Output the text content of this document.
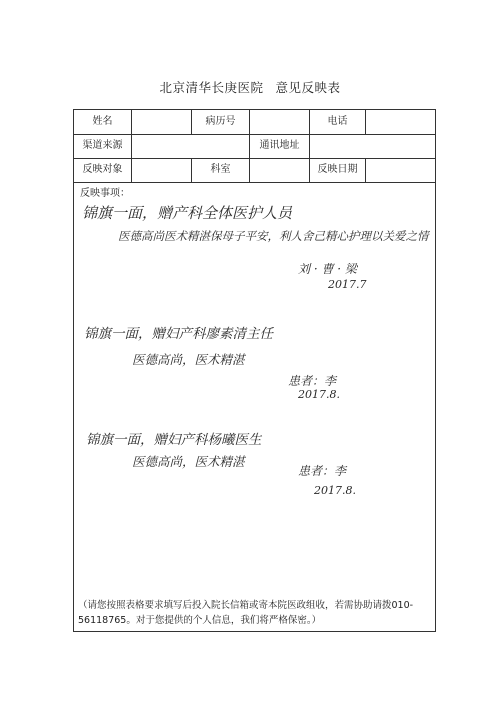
北京清华长庚医院 意见反映表
姓名	病历号	电话
渠道来源	通讯地址
反映对象	科室	反映日期
反映事项：
锦旗一面，赠产科全体医护人员
医德高尚医术精湛保母子平安，利人舍己精心护理以关爱之情
刘 · 曹 · 梁
2017.7
锦旗一面，赠妇产科廖素清主任
医德高尚，医术精湛
患者：李
2017.8.
锦旗一面，赠妇产科杨曦医生
医德高尚，医术精湛
患者：李
2017.8.
（请您按照表格要求填写后投入院长信箱或寄本院医政组收，若需协助请拨010-56118765。对于您提供的个人信息，我们将严格保密。）
